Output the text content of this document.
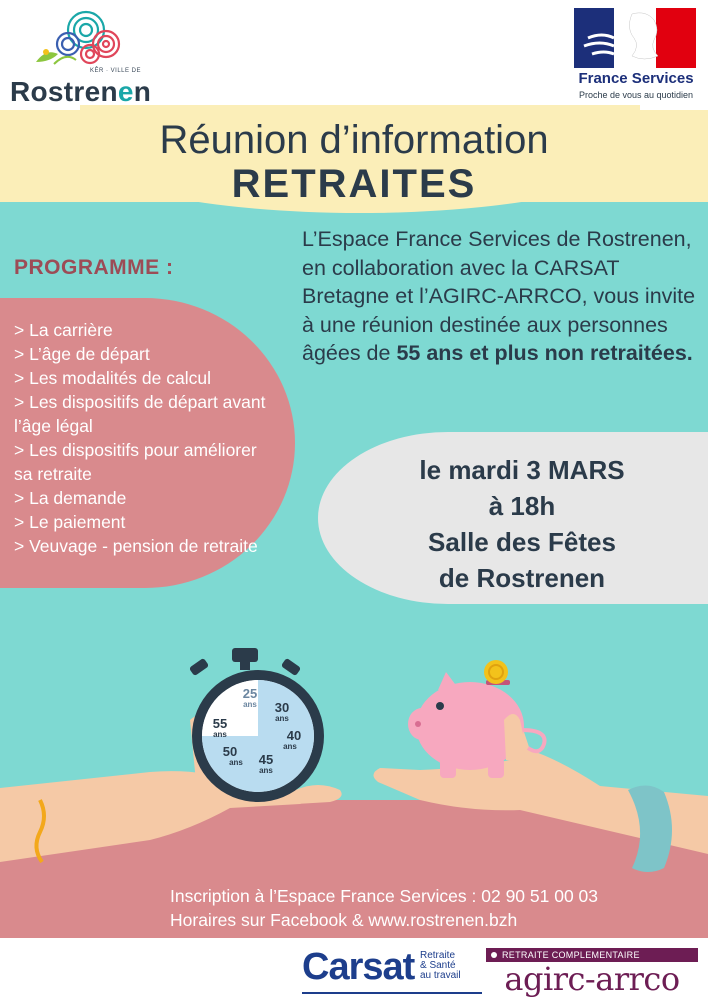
KÊR · VILLE DE
Rostrenen	France Services
Proche de vous au quotidien
Réunion d’information
RETRAITES
PROGRAMME :
> La carrière
> L’âge de départ
> Les modalités de calcul
> Les dispositifs de départ avant l’âge légal
> Les dispositifs pour améliorer sa retraite
> La demande
> Le paiement
> Veuvage - pension de retraite

L’Espace France Services de Rostrenen, en collaboration avec la CARSAT Bretagne et l’AGIRC-ARRCO, vous invite à une réunion destinée aux personnes âgées de 55 ans et plus non retraitées.

le mardi 3 MARS
à 18h
Salle des Fêtes
de Rostrenen
25
ans 30
ans
40
ans
45
ans
50
ans
55
ans
Inscription à l’Espace France Services : 02 90 51 00 03
Horaires sur Facebook & www.rostrenen.bzh
Carsat Retraite
& Santé
au travail
RETRAITE COMPLEMENTAIRE
agirc-arrco
